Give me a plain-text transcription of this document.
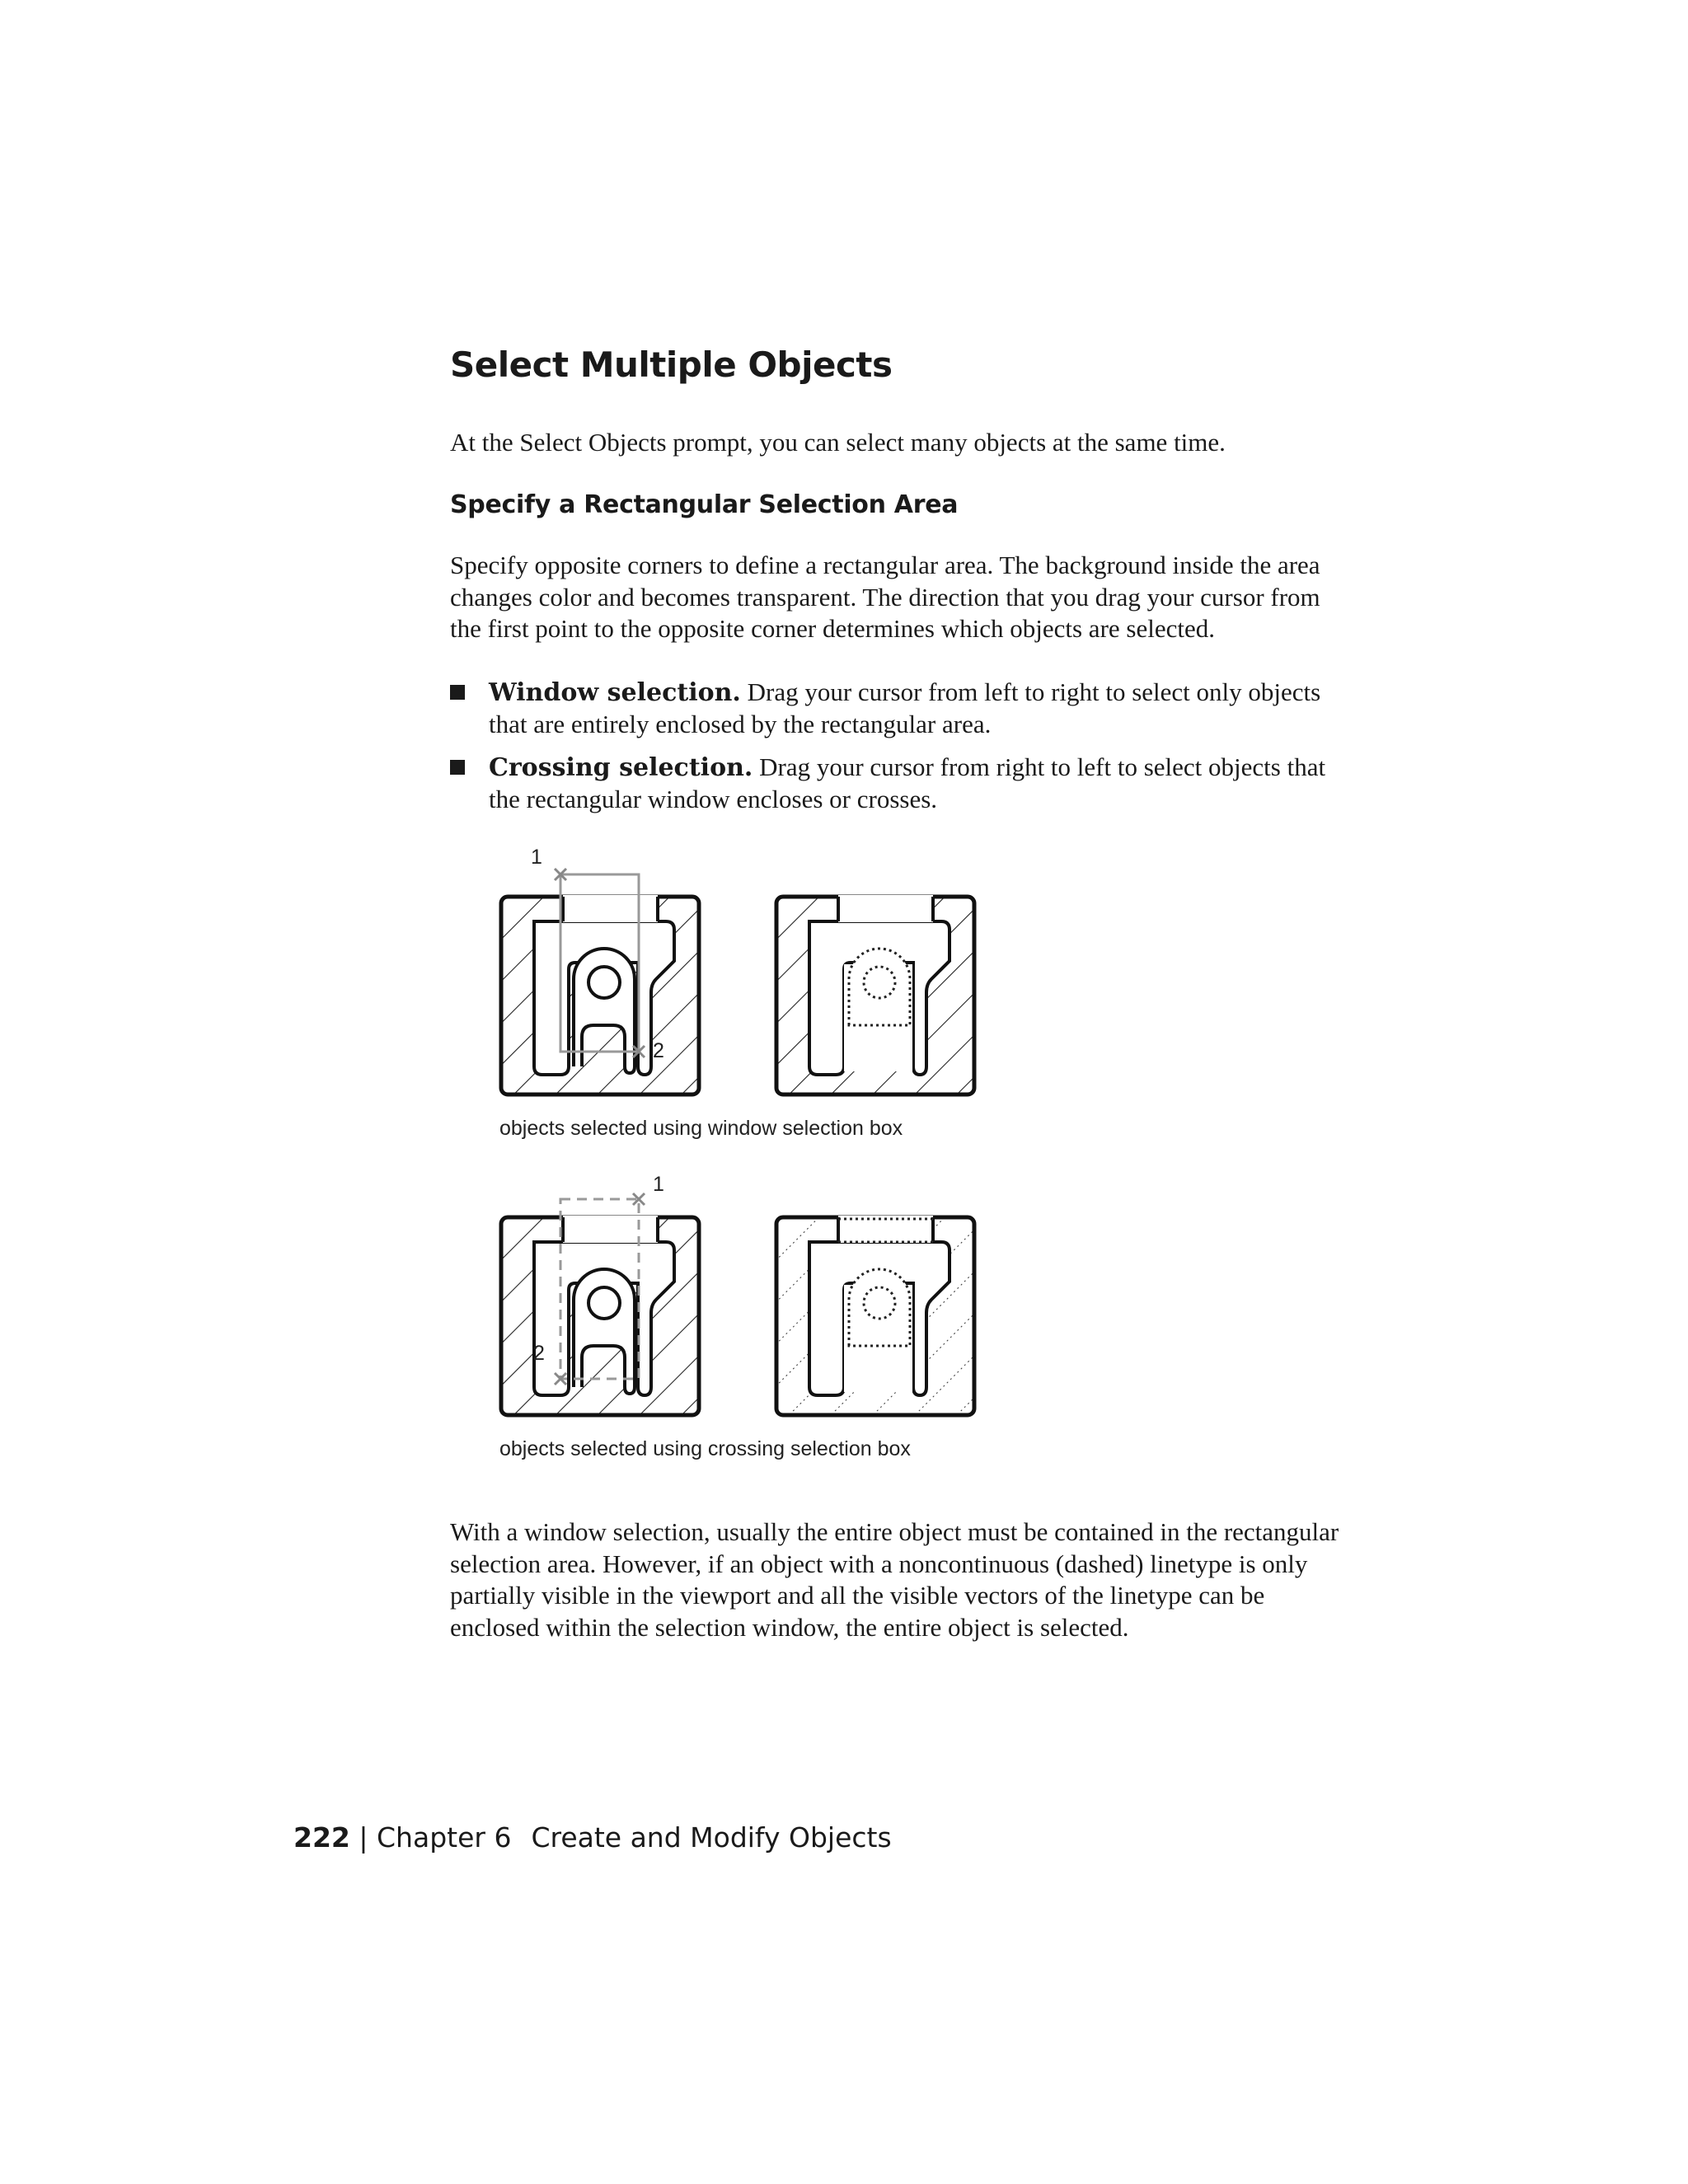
Select Multiple Objects

At the Select Objects prompt, you can select many objects at the same time.

Specify a Rectangular Selection Area

Specify opposite corners to define a rectangular area. The background inside the area changes color and becomes transparent. The direction that you drag your cursor from the first point to the opposite corner determines which objects are selected.

Window selection. Drag your cursor from left to right to select only objects that are entirely enclosed by the rectangular area.
Crossing selection. Drag your cursor from right to left to select objects that the rectangular window encloses or crosses.
1
2
objects selected using window selection box
1
2
objects selected using crossing selection box

With a window selection, usually the entire object must be contained in the rectangular selection area. However, if an object with a noncontinuous (dashed) linetype is only partially visible in the viewport and all the visible vectors of the linetype can be enclosed within the selection window, the entire object is selected.

222 | Chapter 6 Create and Modify Objects
